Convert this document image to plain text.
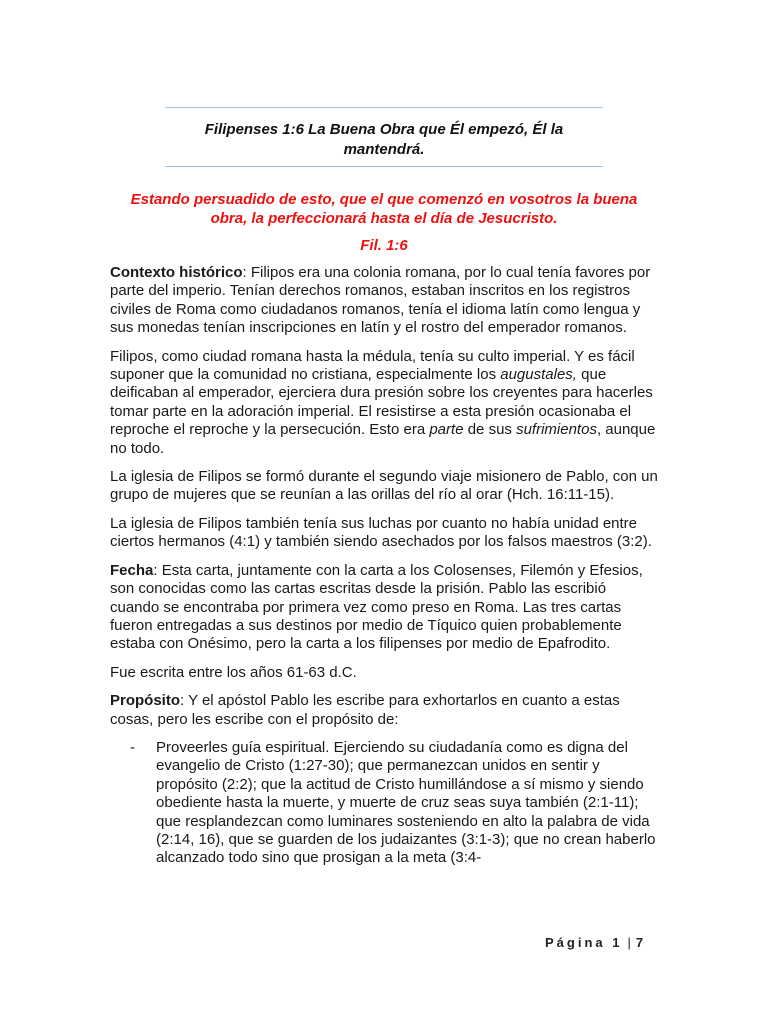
Filipenses 1:6 La Buena Obra que Él empezó, Él la
mantendrá.
Estando persuadido de esto, que el que comenzó en vosotros la buena
obra, la perfeccionará hasta el día de Jesucristo.
Fil. 1:6

Contexto histórico: Filipos era una colonia romana, por lo cual tenía favores por parte del imperio. Tenían derechos romanos, estaban inscritos en los registros civiles de Roma como ciudadanos romanos, tenía el idioma latín como lengua y sus monedas tenían inscripciones en latín y el rostro del emperador romanos.

Filipos, como ciudad romana hasta la médula, tenía su culto imperial. Y es fácil suponer que la comunidad no cristiana, especialmente los augustales, que deificaban al emperador, ejerciera dura presión sobre los creyentes para hacerles tomar parte en la adoración imperial. El resistirse a esta presión ocasionaba el reproche el reproche y la persecución. Esto era parte de sus sufrimientos, aunque no todo.

La iglesia de Filipos se formó durante el segundo viaje misionero de Pablo, con un grupo de mujeres que se reunían a las orillas del río al orar (Hch. 16:11-15).

La iglesia de Filipos también tenía sus luchas por cuanto no había unidad entre ciertos hermanos (4:1) y también siendo asechados por los falsos maestros (3:2).

Fecha: Esta carta, juntamente con la carta a los Colosenses, Filemón y Efesios, son conocidas como las cartas escritas desde la prisión. Pablo las escribió cuando se encontraba por primera vez como preso en Roma. Las tres cartas fueron entregadas a sus destinos por medio de Tíquico quien probablemente estaba con Onésimo, pero la carta a los filipenses por medio de Epafrodito.

Fue escrita entre los años 61-63 d.C.

Propósito: Y el apóstol Pablo les escribe para exhortarlos en cuanto a estas cosas, pero les escribe con el propósito de:

-	Proveerles guía espiritual. Ejerciendo su ciudadanía como es digna del evangelio de Cristo (1:27-30); que permanezcan unidos en sentir y propósito (2:2); que la actitud de Cristo humillándose a sí mismo y siendo obediente hasta la muerte, y muerte de cruz seas suya también (2:1-11); que resplandezcan como luminares sosteniendo en alto la palabra de vida (2:14, 16), que se guarden de los judaizantes (3:1-3); que no crean haberlo alcanzado todo sino que prosigan a la meta (3:4-
Página 1 | 7
